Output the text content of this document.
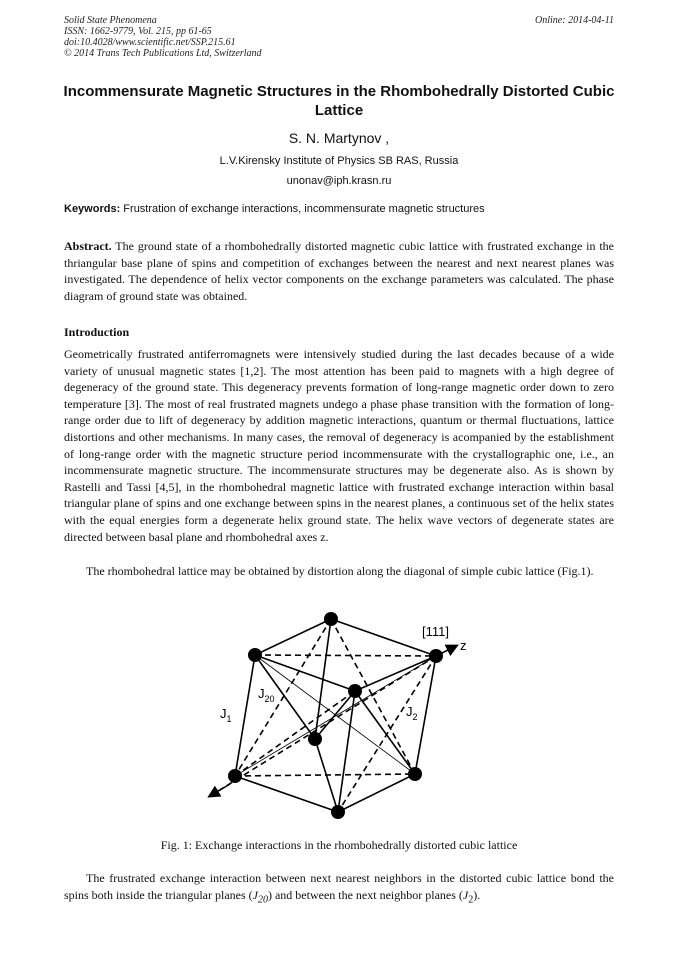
Solid State Phenomena
ISSN: 1662-9779, Vol. 215, pp 61-65
doi:10.4028/www.scientific.net/SSP.215.61
© 2014 Trans Tech Publications Ltd, Switzerland
Online: 2014-04-11
Incommensurate Magnetic Structures in the Rhombohedrally Distorted Cubic Lattice
S. N. Martynov ,
L.V.Kirensky Institute of Physics SB RAS, Russia
unonav@iph.krasn.ru
Keywords: Frustration of exchange interactions, incommensurate magnetic structures
Abstract. The ground state of a rhombohedrally distorted magnetic cubic lattice with frustrated exchange in the thriangular base plane of spins and competition of exchanges between the nearest and next nearest planes was investigated. The dependence of helix vector components on the exchange parameters was calculated. The phase diagram of ground state was obtained.
Introduction
Geometrically frustrated antiferromagnets were intensively studied during the last decades because of a wide variety of unusual magnetic states [1,2]. The most attention has been paid to magnets with a high degree of degeneracy of the ground state. This degeneracy prevents formation of long-range magnetic order down to zero temperature [3]. The most of real frustrated magnets undego a phase phase transition with the formation of long-range order due to lift of degeneracy by addition magnetic interactions, quantum or thermal fluctuations, lattice distortions and other mechanisms. In many cases, the removal of degeneracy is acompanied by the establishment of long-range order with the magnetic structure period incommensurate with the crystallographic one, i.e., an incommensurate magnetic structure. The incommensurate structures may be degenerate also. As is shown by Rastelli and Tassi [4,5], in the rhombohedral magnetic lattice with frustrated exchange interaction within basal triangular plane of spins and one exchange between spins in the nearest planes, a continuous set of the helix states with the equal energies form a degenerate helix ground state. The helix wave vectors of degenerate states are directed between basal plane and rhombohedral axes z.
The rhombohedral lattice may be obtained by distortion along the diagonal of simple cubic lattice (Fig.1).
[111]
z
$J_1$
$J_{20}$
$J_2$
Fig. 1: Exchange interactions in the rhombohedrally distorted cubic lattice
The frustrated exchange interaction between next nearest neighbors in the distorted cubic lattice bond the spins both inside the triangular planes $(J_{20})$ and between the next neighbor planes $(J_2)$.
